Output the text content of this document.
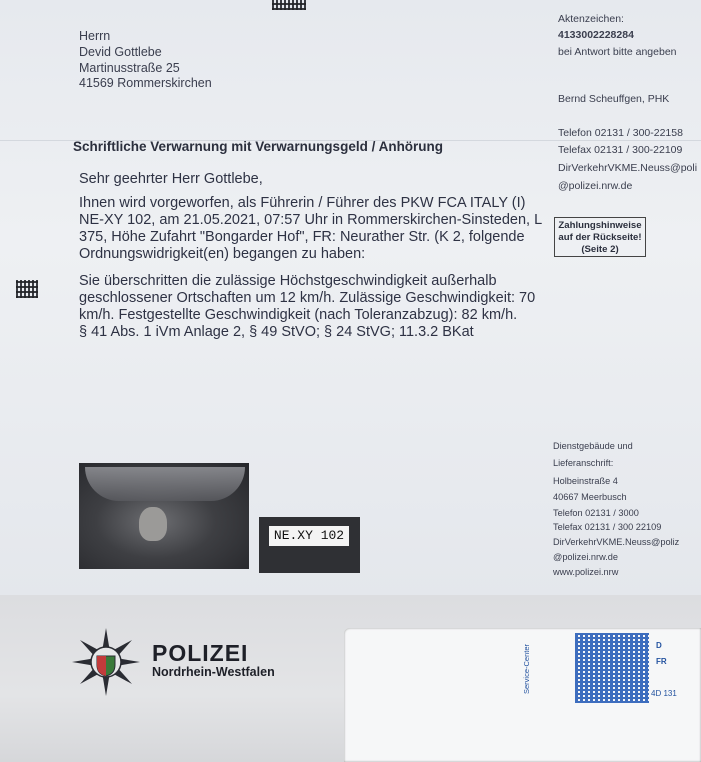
Herrn
Devid Gottlebe
Martinusstraße 25
41569 Rommerskirchen
Aktenzeichen:
4133002228284
bei Antwort bitte angeben
Bernd Scheuffgen, PHK
Telefon 02131 / 300-22158
Telefax 02131 / 300-22109
DirVerkehrVKME.Neuss@poli
@polizei.nrw.de
Schriftliche Verwarnung mit Verwarnungsgeld / Anhörung
Sehr geehrter Herr Gottlebe,
Ihnen wird vorgeworfen, als Führerin / Führer des PKW FCA ITALY (I)
NE-XY 102, am 21.05.2021, 07:57 Uhr in Rommerskirchen-Sinsteden, L
375, Höhe Zufahrt "Bongarder Hof", FR: Neurather Str. (K 2, folgende
Ordnungswidrigkeit(en) begangen zu haben:
Sie überschritten die zulässige Höchstgeschwindigkeit außerhalb
geschlossener Ortschaften um 12 km/h. Zulässige Geschwindigkeit: 70
km/h. Festgestellte Geschwindigkeit (nach Toleranzabzug): 82 km/h.
§ 41 Abs. 1 iVm Anlage 2, § 49 StVO; § 24 StVG; 11.3.2 BKat
Zahlungshinweise
auf der Rückseite!
(Seite 2)
Dienstgebäude und
Lieferanschrift:
Holbeinstraße 4
40667 Meerbusch
Telefon 02131 / 3000
Telefax 02131 / 300 22109
DirVerkehrVKME.Neuss@poliz
@polizei.nrw.de
www.polizei.nrw
NE.XY 102
POLIZEI
Nordrhein-Westfalen	Service-Center	D
FR
4D 131
